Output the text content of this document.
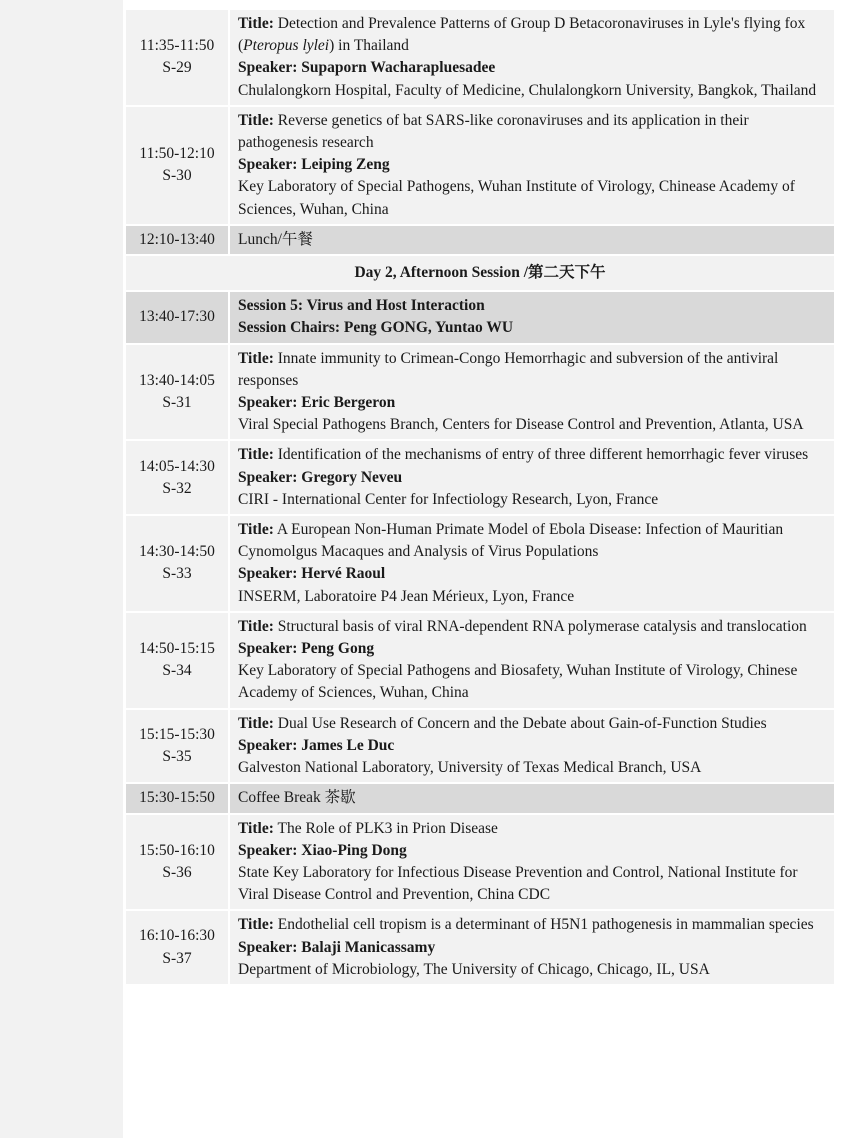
11:35-11:50
S-29	Title: Detection and Prevalence Patterns of Group D Betacoronaviruses in Lyle's flying fox (Pteropus lylei) in Thailand
Speaker: Supaporn Wacharapluesadee
Chulalongkorn Hospital, Faculty of Medicine, Chulalongkorn University, Bangkok, Thailand

11:50-12:10
S-30	Title: Reverse genetics of bat SARS-like coronaviruses and its application in their pathogenesis research
Speaker: Leiping Zeng
Key Laboratory of Special Pathogens, Wuhan Institute of Virology, Chinease Academy of Sciences, Wuhan, China

12:10-13:40	Lunch/午餐
Day 2, Afternoon Session /第二天下午	
13:40-17:30	Session 5: Virus and Host Interaction
Session Chairs: Peng GONG, Yuntao WU

13:40-14:05
S-31	Title: Innate immunity to Crimean-Congo Hemorrhagic and subversion of the antiviral responses
Speaker: Eric Bergeron
Viral Special Pathogens Branch, Centers for Disease Control and Prevention, Atlanta, USA

14:05-14:30
S-32	Title: Identification of the mechanisms of entry of three different hemorrhagic fever viruses
Speaker: Gregory Neveu
CIRI - International Center for Infectiology Research, Lyon, France

14:30-14:50
S-33	Title: A European Non-Human Primate Model of Ebola Disease: Infection of Mauritian Cynomolgus Macaques and Analysis of Virus Populations
Speaker: Hervé Raoul
INSERM, Laboratoire P4 Jean Mérieux, Lyon, France

14:50-15:15
S-34	Title: Structural basis of viral RNA-dependent RNA polymerase catalysis and translocation
Speaker: Peng Gong
Key Laboratory of Special Pathogens and Biosafety, Wuhan Institute of Virology, Chinese Academy of Sciences, Wuhan, China

15:15-15:30
S-35	Title: Dual Use Research of Concern and the Debate about Gain-of-Function Studies
Speaker: James Le Duc
Galveston National Laboratory, University of Texas Medical Branch, USA

15:30-15:50	Coffee Break 茶歇

15:50-16:10
S-36	Title: The Role of PLK3 in Prion Disease
Speaker: Xiao-Ping Dong
State Key Laboratory for Infectious Disease Prevention and Control, National Institute for Viral Disease Control and Prevention, China CDC

16:10-16:30
S-37	Title: Endothelial cell tropism is a determinant of H5N1 pathogenesis in mammalian species
Speaker: Balaji Manicassamy
Department of Microbiology, The University of Chicago, Chicago, IL, USA
